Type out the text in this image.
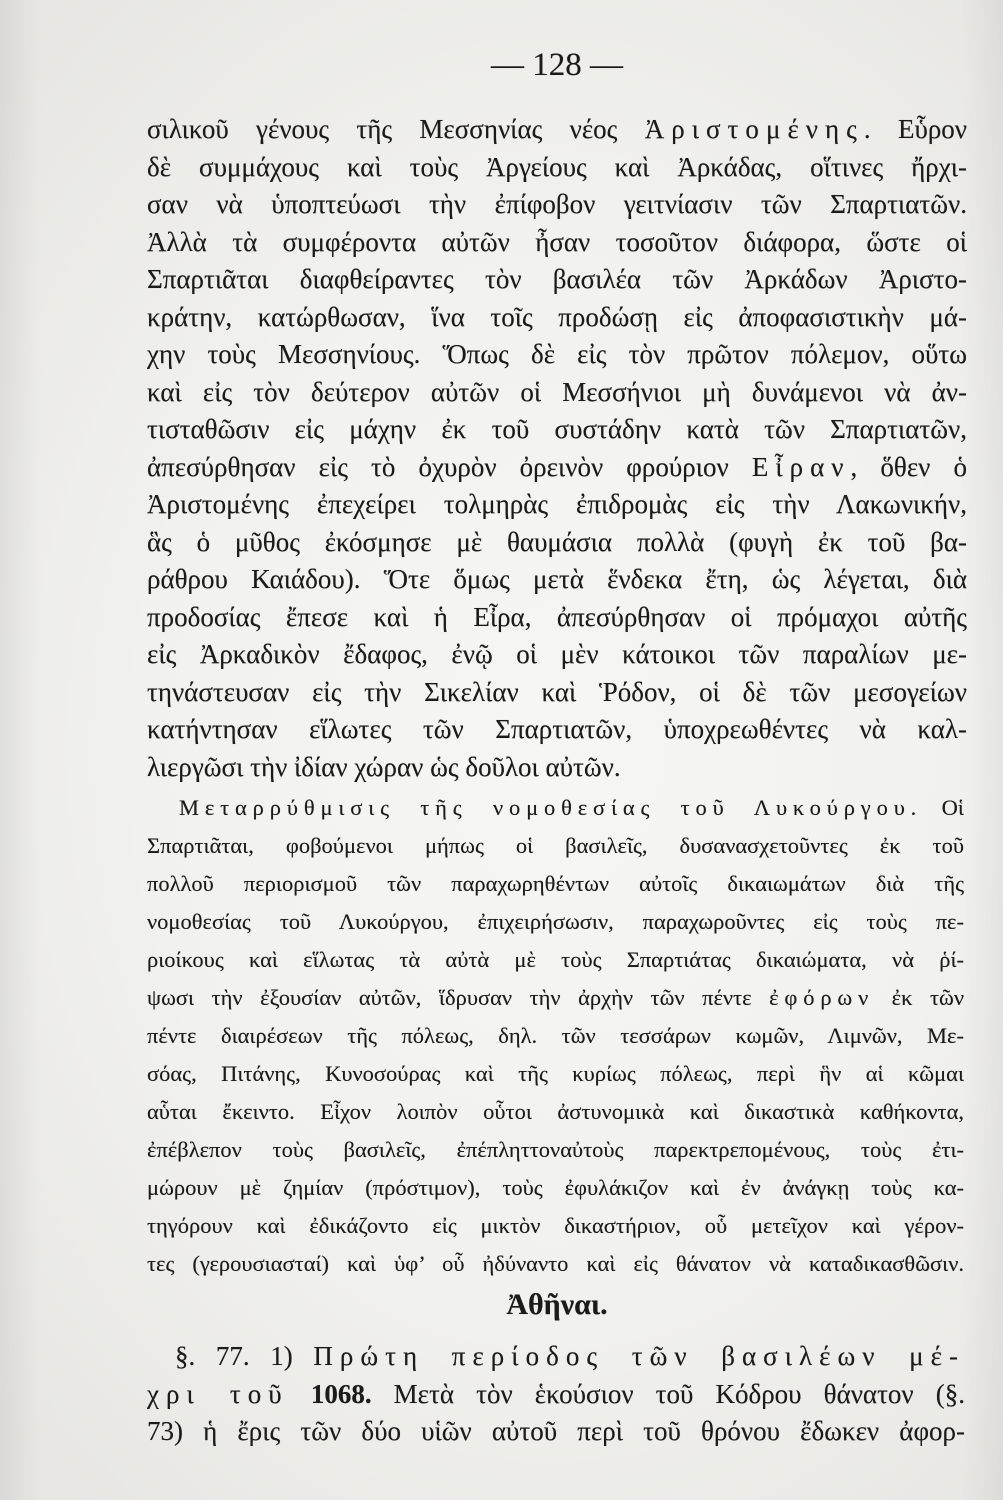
— 128 —
σιλικοῦ γένους τῆς Μεσσηνίας νέος Ἀριστομένης. Εὗρον
δὲ συμμάχους καὶ τοὺς Ἀργείους καὶ Ἀρκάδας, οἵτινες ἤρχι-
σαν νὰ ὑποπτεύωσι τὴν ἐπίφοβον γειτνίασιν τῶν Σπαρτιατῶν.
Ἀλλὰ τὰ συμφέροντα αὐτῶν ἦσαν τοσοῦτον διάφορα, ὥστε οἱ
Σπαρτιᾶται διαφθείραντες τὸν βασιλέα τῶν Ἀρκάδων Ἀριστο-
κράτην, κατώρθωσαν, ἵνα τοῖς προδώσῃ εἰς ἀποφασιστικὴν μά-
χην τοὺς Μεσσηνίους. Ὅπως δὲ εἰς τὸν πρῶτον πόλεμον, οὕτω
καὶ εἰς τὸν δεύτερον αὐτῶν οἱ Μεσσήνιοι μὴ δυνάμενοι νὰ ἀν-
τισταθῶσιν εἰς μάχην ἐκ τοῦ συστάδην κατὰ τῶν Σπαρτιατῶν,
ἀπεσύρθησαν εἰς τὸ ὀχυρὸν ὀρεινὸν φρούριον Εἶραν, ὅθεν ὁ
Ἀριστομένης ἐπεχείρει τολμηρὰς ἐπιδρομὰς εἰς τὴν Λακωνικήν,
ἃς ὁ μῦθος ἐκόσμησε μὲ θαυμάσια πολλὰ (φυγὴ ἐκ τοῦ βα-
ράθρου Καιάδου). Ὅτε ὅμως μετὰ ἕνδεκα ἔτη, ὡς λέγεται, διὰ
προδοσίας ἔπεσε καὶ ἡ Εἶρα, ἀπεσύρθησαν οἱ πρόμαχοι αὐτῆς
εἰς Ἀρκαδικὸν ἔδαφος, ἐνῷ οἱ μὲν κάτοικοι τῶν παραλίων με-
τηνάστευσαν εἰς τὴν Σικελίαν καὶ Ῥόδον, οἱ δὲ τῶν μεσογείων
κατήντησαν εἵλωτες τῶν Σπαρτιατῶν, ὑποχρεωθέντες νὰ καλ-
λιεργῶσι τὴν ἰδίαν χώραν ὡς δοῦλοι αὐτῶν.
Μεταρρύθμισις τῆς νομοθεσίας τοῦ Λυκούργου. Οἱ
Σπαρτιᾶται, φοβούμενοι μήπως οἱ βασιλεῖς, δυσανασχετοῦντες ἐκ τοῦ
πολλοῦ περιορισμοῦ τῶν παραχωρηθέντων αὐτοῖς δικαιωμάτων διὰ τῆς
νομοθεσίας τοῦ Λυκούργου, ἐπιχειρήσωσιν, παραχωροῦντες εἰς τοὺς πε-
ριοίκους καὶ εἵλωτας τὰ αὐτὰ μὲ τοὺς Σπαρτιάτας δικαιώματα, νὰ ῥί-
ψωσι τὴν ἐξουσίαν αὐτῶν, ἵδρυσαν τὴν ἀρχὴν τῶν πέντε ἐφόρων ἐκ τῶν
πέντε διαιρέσεων τῆς πόλεως, δηλ. τῶν τεσσάρων κωμῶν, Λιμνῶν, Με-
σόας, Πιτάνης, Κυνοσούρας καὶ τῆς κυρίως πόλεως, περὶ ἣν αἱ κῶμαι
αὗται ἔκειντο. Εἶχον λοιπὸν οὗτοι ἀστυνομικὰ καὶ δικαστικὰ καθήκοντα,
ἐπέβλεπον τοὺς βασιλεῖς, ἐπέπληττοναὐτοὺς παρεκτρεπομένους, τοὺς ἐτι-
μώρουν μὲ ζημίαν (πρόστιμον), τοὺς ἐφυλάκιζον καὶ ἐν ἀνάγκῃ τοὺς κα-
τηγόρουν καὶ ἐδικάζοντο εἰς μικτὸν δικαστήριον, οὗ μετεῖχον καὶ γέρον-
τες (γερουσιασταί) καὶ ὑφ’ οὗ ἠδύναντο καὶ εἰς θάνατον νὰ καταδικασθῶσιν.
Ἀθῆναι.
§. 77. 1) Πρώτη περίοδος τῶν βασιλέων μέ-
χρι τοῦ 1068. Μετὰ τὸν ἑκούσιον τοῦ Κόδρου θάνατον (§.
73) ἡ ἔρις τῶν δύο υἱῶν αὐτοῦ περὶ τοῦ θρόνου ἔδωκεν ἀφορ-
